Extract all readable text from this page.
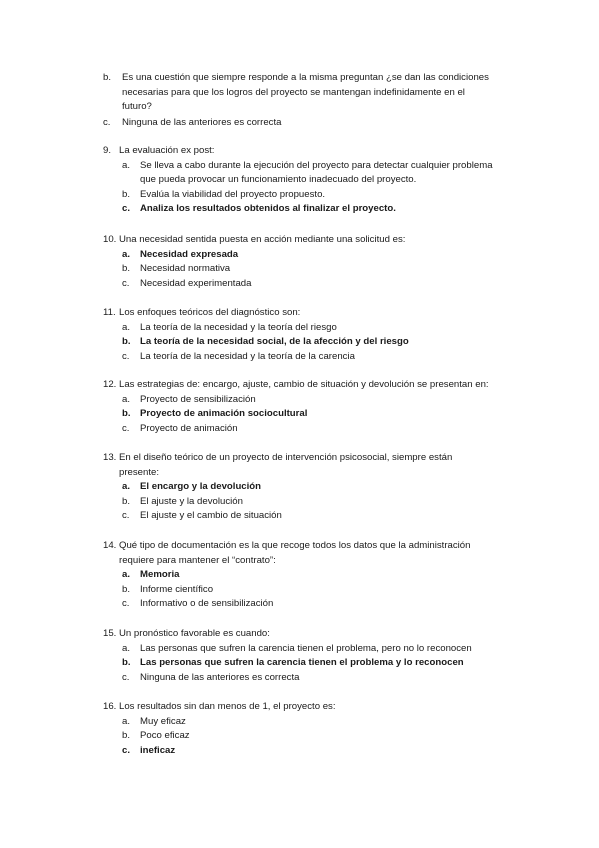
b. Es una cuestión que siempre responde a la misma preguntan ¿se dan las condiciones
necesarias para que los logros del proyecto se mantengan indefinidamente en el
futuro?
c. Ninguna de las anteriores es correcta
9. La evaluación ex post:
a. Se lleva a cabo durante la ejecución del proyecto para detectar cualquier problema
que pueda provocar un funcionamiento inadecuado del proyecto.
b. Evalúa la viabilidad del proyecto propuesto.
c. Analiza los resultados obtenidos al finalizar el proyecto.
10. Una necesidad sentida puesta en acción mediante una solicitud es:
a. Necesidad expresada
b. Necesidad normativa
c. Necesidad experimentada
11. Los enfoques teóricos del diagnóstico son:
a. La teoría de la necesidad y la teoría del riesgo
b. La teoría de la necesidad social, de la afección y del riesgo
c. La teoría de la necesidad y la teoría de la carencia
12. Las estrategias de: encargo, ajuste, cambio de situación y devolución se presentan en:
a. Proyecto de sensibilización
b. Proyecto de animación sociocultural
c. Proyecto de animación
13. En el diseño teórico de un proyecto de intervención psicosocial, siempre están
presente:
a. El encargo y la devolución
b. El ajuste y la devolución
c. El ajuste y el cambio de situación
14. Qué tipo de documentación es la que recoge todos los datos que la administración
requiere para mantener el “contrato”:
a. Memoria
b. Informe científico
c. Informativo o de sensibilización
15. Un pronóstico favorable es cuando:
a. Las personas que sufren la carencia tienen el problema, pero no lo reconocen
b. Las personas que sufren la carencia tienen el problema y lo reconocen
c. Ninguna de las anteriores es correcta
16. Los resultados sin dan menos de 1, el proyecto es:
a. Muy eficaz
b. Poco eficaz
c. ineficaz
